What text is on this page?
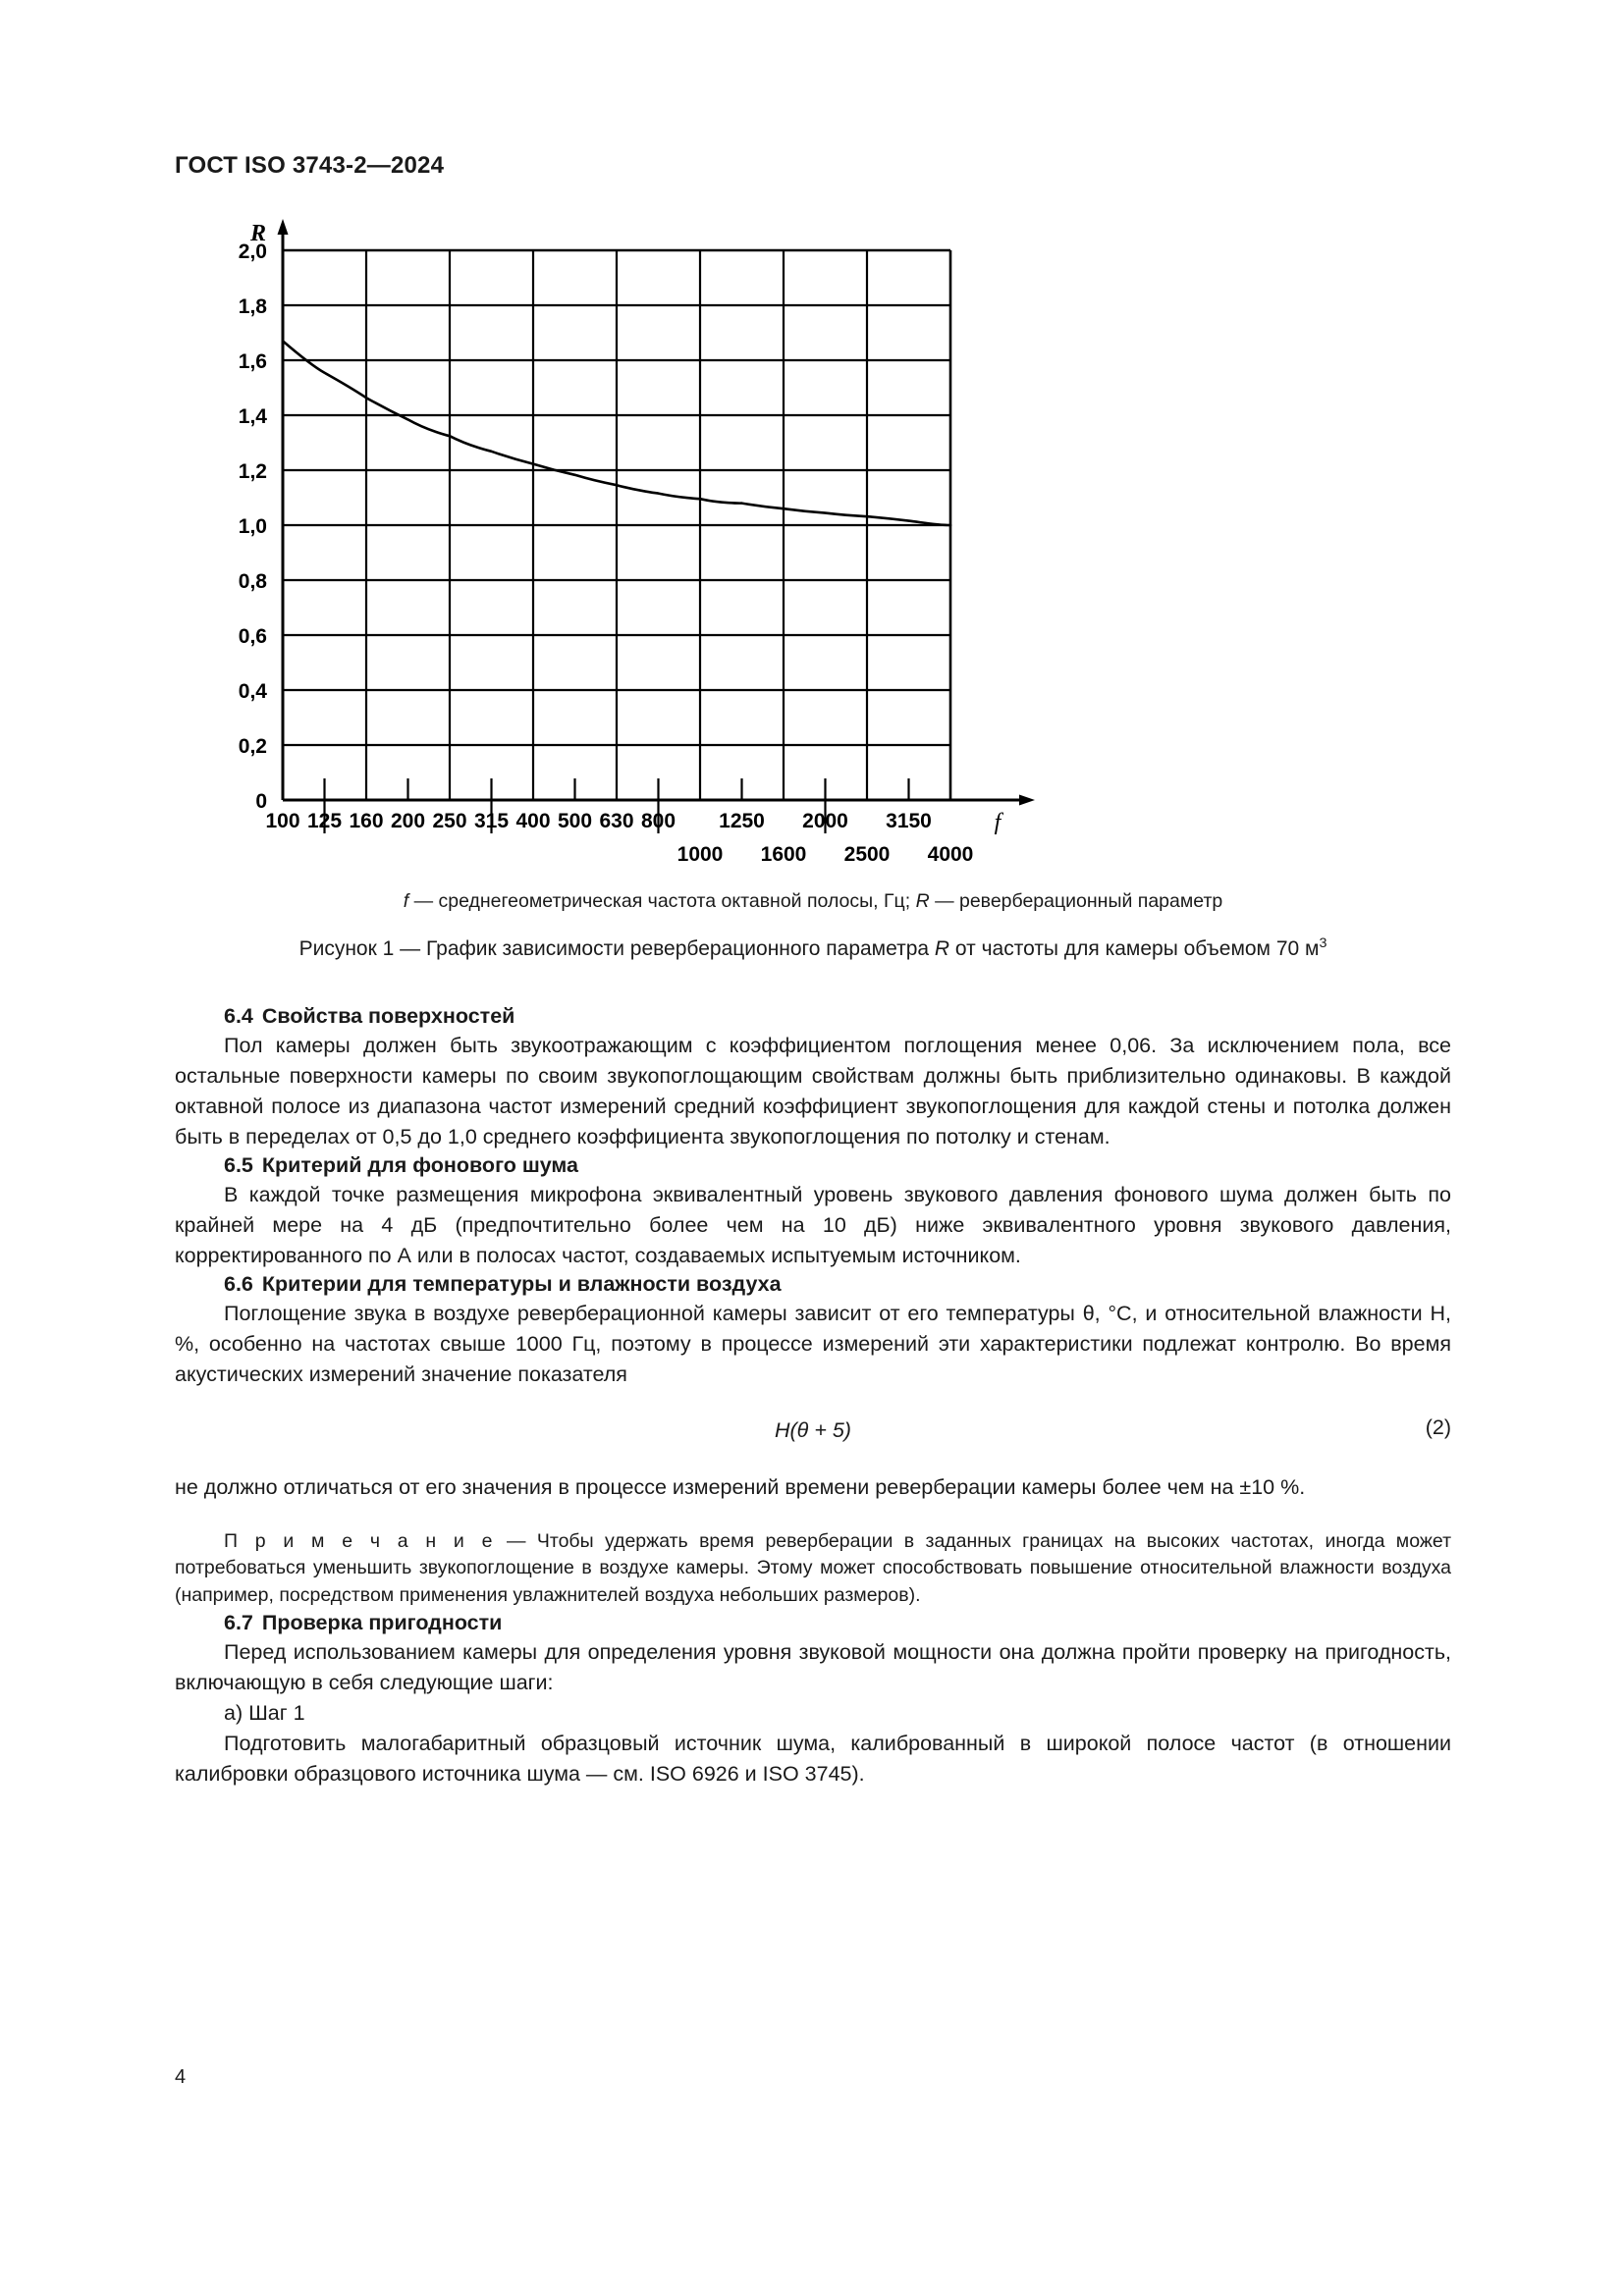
ГОСТ ISO 3743-2—2024
2,0
1,8
1,6
1,4
1,2
1,0
0,8
0,6
0,4
0,2
0
100 125 160 200 250 315 400 500 630 800 1250 2000 3150
1000 1600 2500 4000
R
f
f — среднегеометрическая частота октавной полосы, Гц; R — реверберационный параметр
Рисунок 1 — График зависимости реверберационного параметра R от частоты для камеры объемом 70 $м^3$
6.4 Свойства поверхностей

Пол камеры должен быть звукоотражающим с коэффициентом поглощения менее 0,06. За исключением пола, все остальные поверхности камеры по своим звукопоглощающим свойствам должны быть приблизительно одинаковы. В каждой октавной полосе из диапазона частот измерений средний коэффициент звукопоглощения для каждой стены и потолка должен быть в переделах от 0,5 до 1,0 среднего коэффициента звукопоглощения по потолку и стенам.

6.5 Критерий для фонового шума

В каждой точке размещения микрофона эквивалентный уровень звукового давления фонового шума должен быть по крайней мере на 4 дБ (предпочтительно более чем на 10 дБ) ниже эквивалентного уровня звукового давления, корректированного по А или в полосах частот, создаваемых испытуемым источником.

6.6 Критерии для температуры и влажности воздуха

Поглощение звука в воздухе реверберационной камеры зависит от его температуры θ, °С, и относительной влажности H, %, особенно на частотах свыше 1000 Гц, поэтому в процессе измерений эти характеристики подлежат контролю. Во время акустических измерений значение показателя

H(θ + 5)	(2)

не должно отличаться от его значения в процессе измерений времени реверберации камеры более чем на ±10 %.

П р и м е ч а н и е — Чтобы удержать время реверберации в заданных границах на высоких частотах, иногда может потребоваться уменьшить звукопоглощение в воздухе камеры. Этому может способствовать повышение относительной влажности воздуха (например, посредством применения увлажнителей воздуха небольших размеров).

6.7 Проверка пригодности

Перед использованием камеры для определения уровня звуковой мощности она должна пройти проверку на пригодность, включающую в себя следующие шаги:

a) Шаг 1

Подготовить малогабаритный образцовый источник шума, калиброванный в широкой полосе частот (в отношении калибровки образцового источника шума — см. ISO 6926 и ISO 3745).

4
